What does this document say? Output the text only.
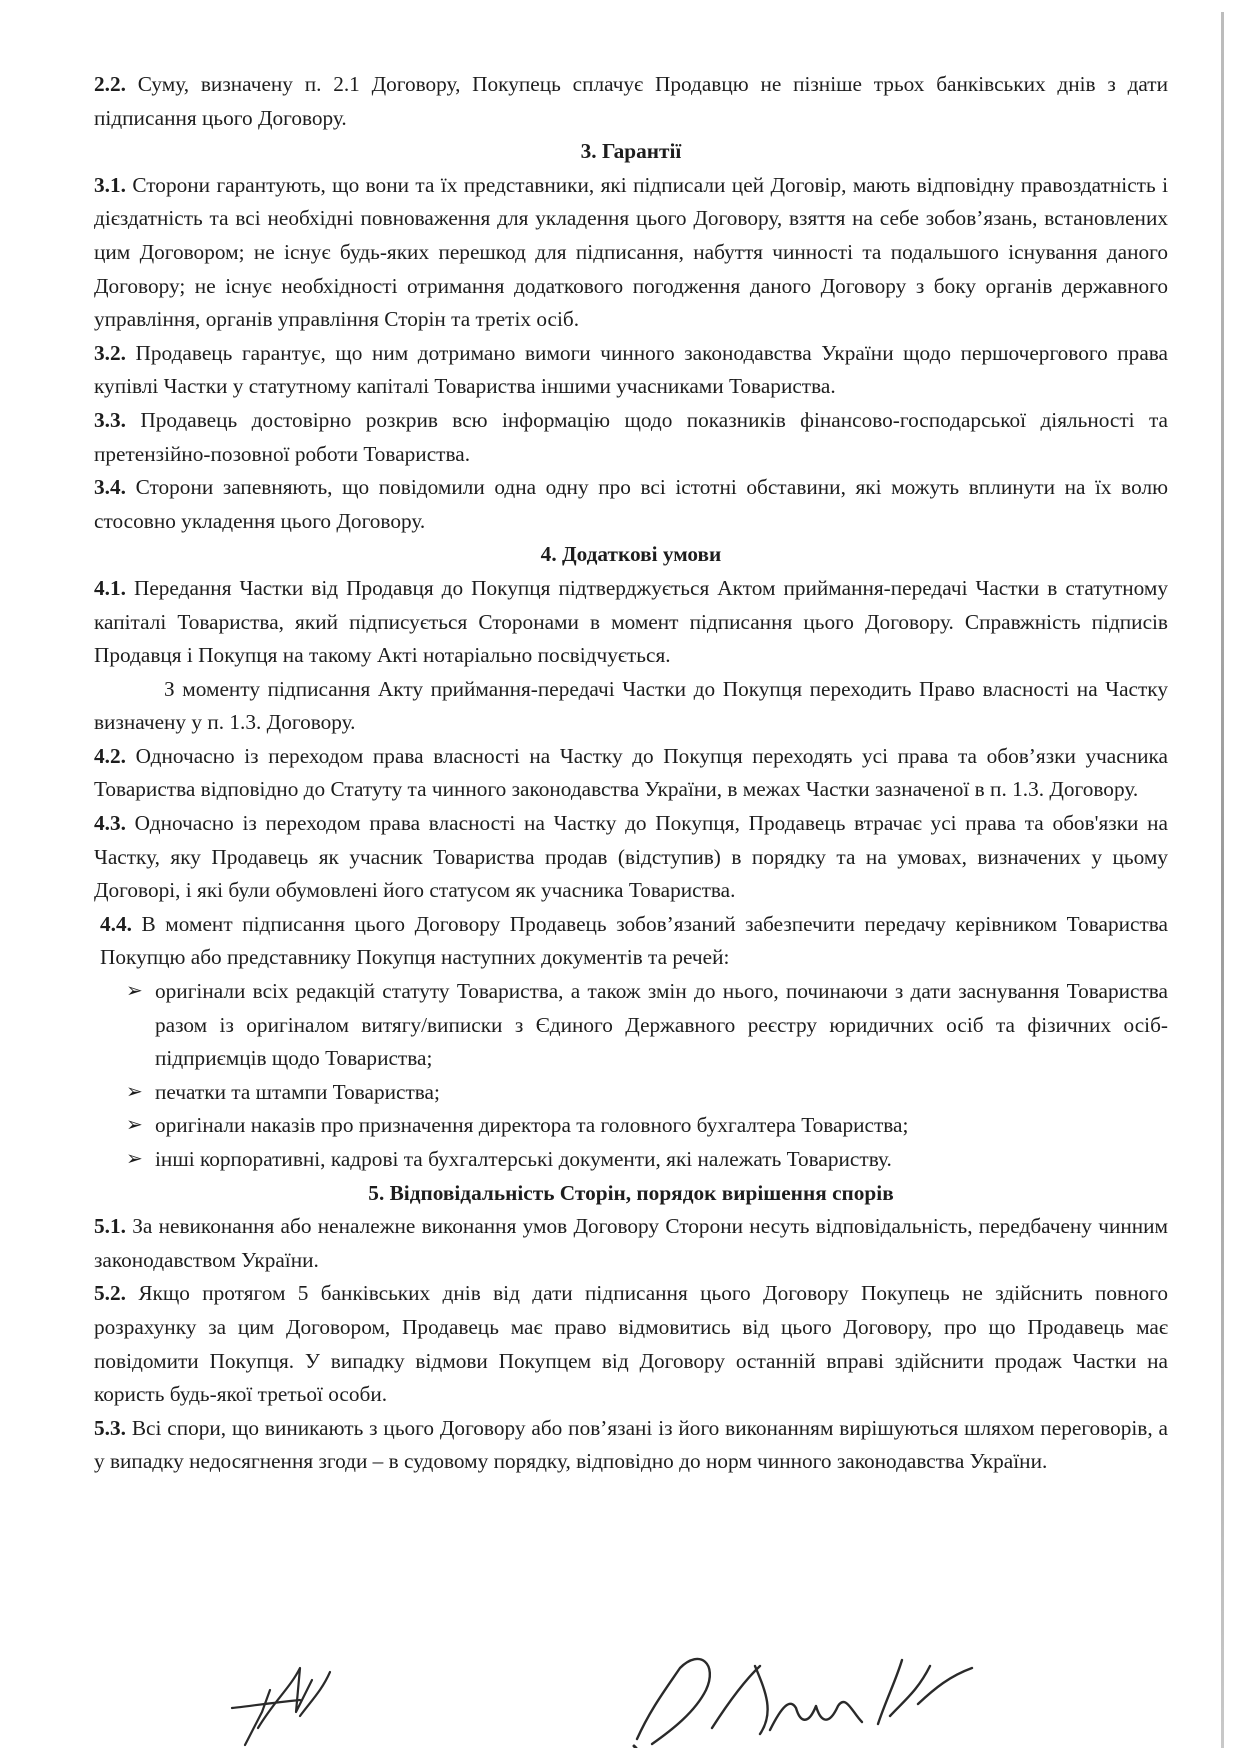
2.2. Суму, визначену п. 2.1 Договору, Покупець сплачує Продавцю не пізніше трьох банківських днів з дати підписання цього Договору.

3. Гарантії

3.1. Сторони гарантують, що вони та їх представники, які підписали цей Договір, мають відповідну правоздатність і дієздатність та всі необхідні повноваження для укладення цього Договору, взяття на себе зобов’язань, встановлених цим Договором; не існує будь-яких перешкод для підписання, набуття чинності та подальшого існування даного Договору; не існує необхідності отримання додаткового погодження даного Договору з боку органів державного управління, органів управління Сторін та третіх осіб.

3.2. Продавець гарантує, що ним дотримано вимоги чинного законодавства України щодо першочергового права купівлі Частки у статутному капіталі Товариства іншими учасниками Товариства.

3.3. Продавець достовірно розкрив всю інформацію щодо показників фінансово-господарської діяльності та претензійно-позовної роботи Товариства.

3.4. Сторони запевняють, що повідомили одна одну про всі істотні обставини, які можуть вплинути на їх волю стосовно укладення цього Договору.

4. Додаткові умови

4.1. Передання Частки від Продавця до Покупця підтверджується Актом приймання-передачі Частки в статутному капіталі Товариства, який підписується Сторонами в момент підписання цього Договору. Справжність підписів Продавця і Покупця на такому Акті нотаріально посвідчується.

З моменту підписання Акту приймання-передачі Частки до Покупця переходить Право власності на Частку визначену у п. 1.3. Договору.

4.2. Одночасно із переходом права власності на Частку до Покупця переходять усі права та обов’язки учасника Товариства відповідно до Статуту та чинного законодавства України, в межах Частки зазначеної в п. 1.3. Договору.

4.3. Одночасно із переходом права власності на Частку до Покупця, Продавець втрачає усі права та обов'язки на Частку, яку Продавець як учасник Товариства продав (відступив) в порядку та на умовах, визначених у цьому Договорі, і які були обумовлені його статусом як учасника Товариства.

4.4. В момент підписання цього Договору Продавець зобов’язаний забезпечити передачу керівником Товариства Покупцю або представнику Покупця наступних документів та речей:

➢ оригінали всіх редакцій статуту Товариства, а також змін до нього, починаючи з дати заснування Товариства разом із оригіналом витягу/виписки з Єдиного Державного реєстру юридичних осіб та фізичних осіб-підприємців щодо Товариства;
➢ печатки та штампи Товариства;
➢ оригінали наказів про призначення директора та головного бухгалтера Товариства;
➢ інші корпоративні, кадрові та бухгалтерські документи, які належать Товариству.

5. Відповідальність Сторін, порядок вирішення спорів

5.1. За невиконання або неналежне виконання умов Договору Сторони несуть відповідальність, передбачену чинним законодавством України.

5.2. Якщо протягом 5 банківських днів від дати підписання цього Договору Покупець не здійснить повного розрахунку за цим Договором, Продавець має право відмовитись від цього Договору, про що Продавець має повідомити Покупця. У випадку відмови Покупцем від Договору останній вправі здійснити продаж Частки на користь будь-якої третьої особи.

5.3. Всі спори, що виникають з цього Договору або пов’язані із його виконанням вирішуються шляхом переговорів, а у випадку недосягнення згоди – в судовому порядку, відповідно до норм чинного законодавства України.
